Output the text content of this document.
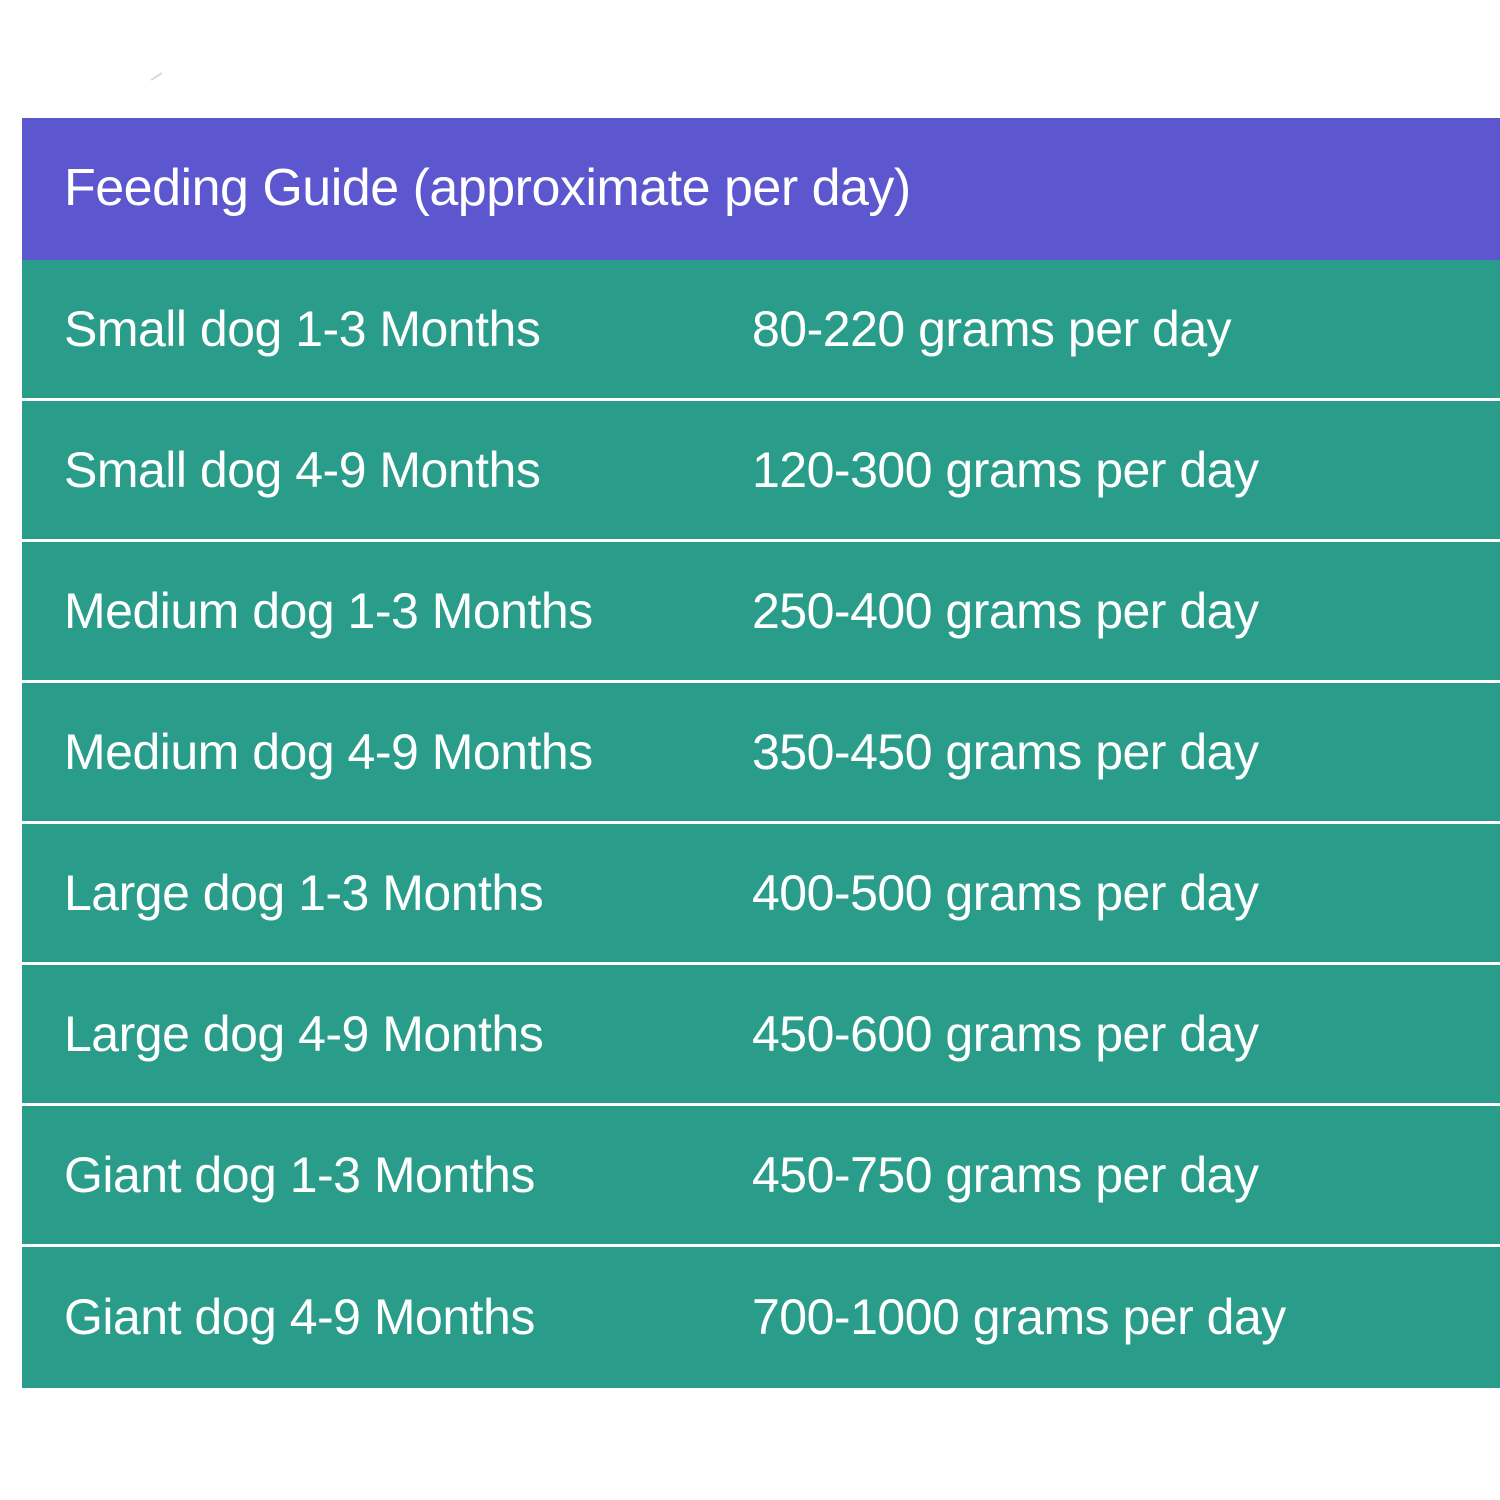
Feeding Guide (approximate per day)
Small dog 1-3 Months	80-220 grams per day
Small dog 4-9 Months	120-300 grams per day
Medium dog 1-3 Months	250-400 grams per day
Medium dog 4-9 Months	350-450 grams per day
Large dog 1-3 Months	400-500 grams per day
Large dog 4-9 Months	450-600 grams per day
Giant dog 1-3 Months	450-750 grams per day
Giant dog 4-9 Months	700-1000 grams per day
